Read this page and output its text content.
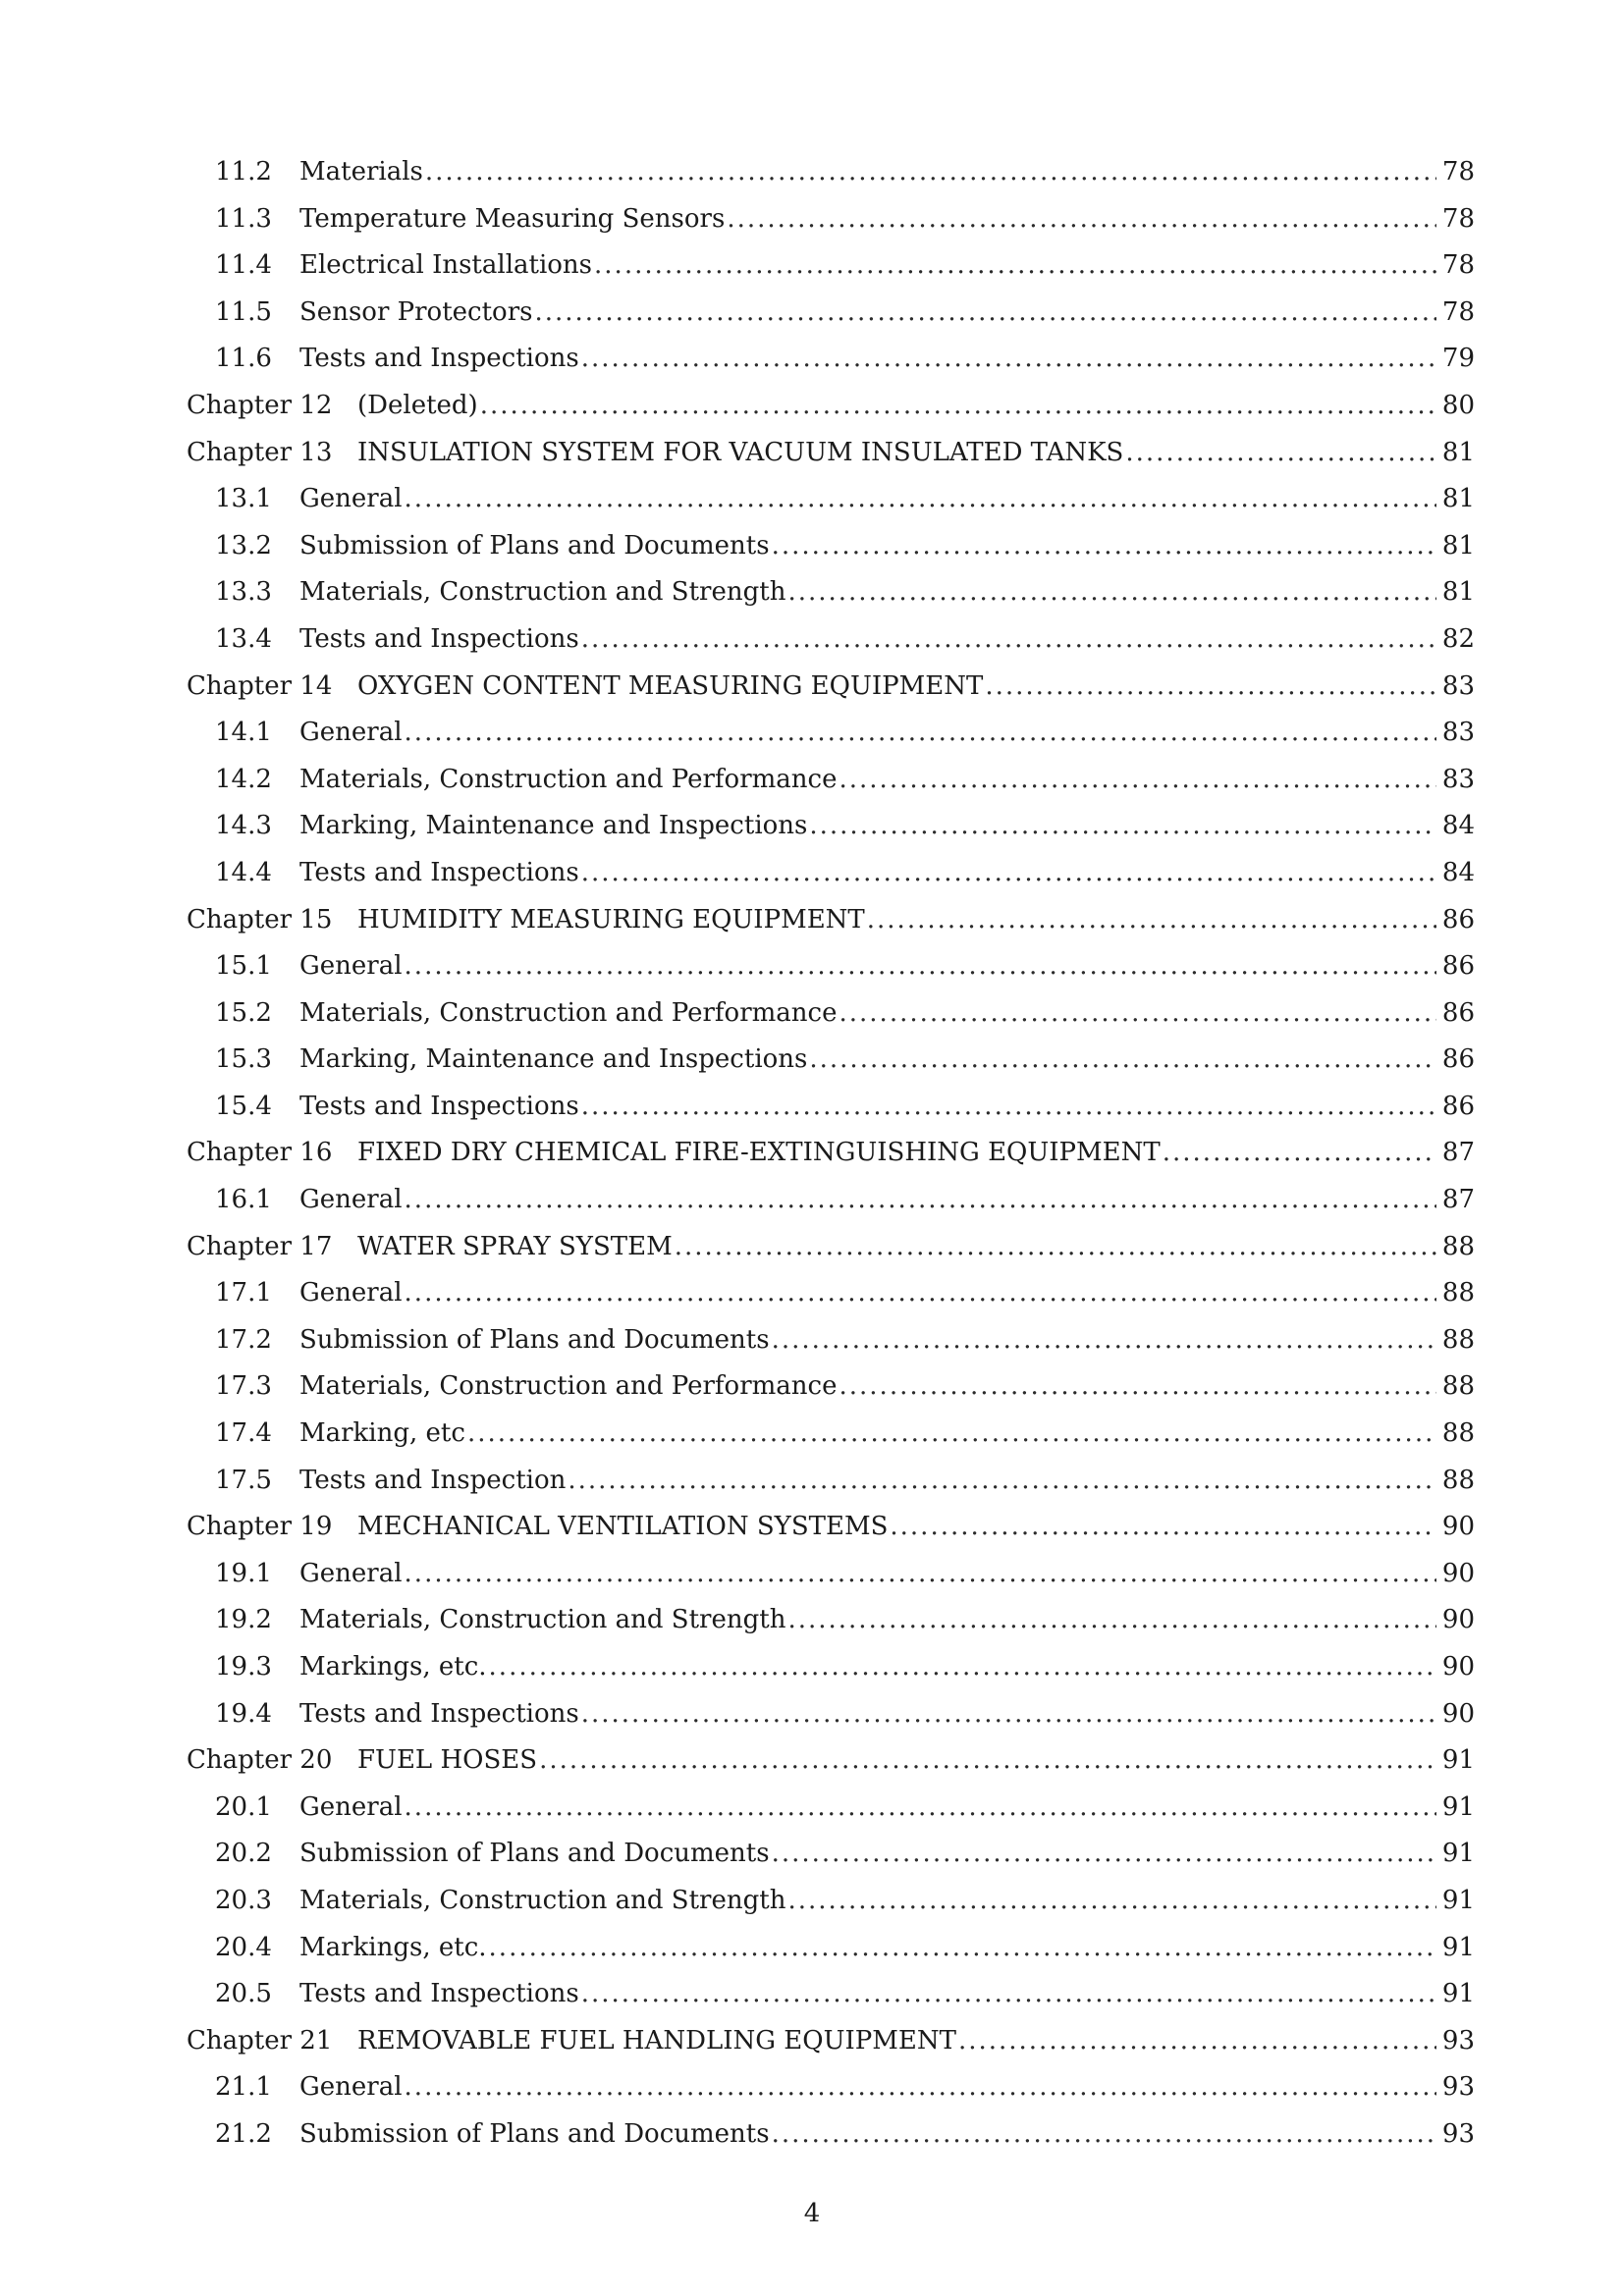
11.2	Materials .....	78
11.3	Temperature Measuring Sensors .....	78
11.4	Electrical Installations .....	78
11.5	Sensor Protectors .....	78
11.6	Tests and Inspections .....	79
Chapter 12 (Deleted) .....	80
Chapter 13 INSULATION SYSTEM FOR VACUUM INSULATED TANKS .....	81
13.1	General .....	81
13.2	Submission of Plans and Documents .....	81
13.3	Materials, Construction and Strength .....	81
13.4	Tests and Inspections .....	82
Chapter 14 OXYGEN CONTENT MEASURING EQUIPMENT .....	83
14.1	General .....	83
14.2	Materials, Construction and Performance .....	83
14.3	Marking, Maintenance and Inspections .....	84
14.4	Tests and Inspections .....	84
Chapter 15 HUMIDITY MEASURING EQUIPMENT .....	86
15.1	General .....	86
15.2	Materials, Construction and Performance .....	86
15.3	Marking, Maintenance and Inspections .....	86
15.4	Tests and Inspections .....	86
Chapter 16 FIXED DRY CHEMICAL FIRE-EXTINGUISHING EQUIPMENT .....	87
16.1	General .....	87
Chapter 17 WATER SPRAY SYSTEM .....	88
17.1	General .....	88
17.2	Submission of Plans and Documents .....	88
17.3	Materials, Construction and Performance .....	88
17.4	Marking, etc .....	88
17.5	Tests and Inspection .....	88
Chapter 19 MECHANICAL VENTILATION SYSTEMS .....	90
19.1	General .....	90
19.2	Materials, Construction and Strength .....	90
19.3	Markings, etc. .....	90
19.4	Tests and Inspections .....	90
Chapter 20 FUEL HOSES .....	91
20.1	General .....	91
20.2	Submission of Plans and Documents .....	91
20.3	Materials, Construction and Strength .....	91
20.4	Markings, etc. .....	91
20.5	Tests and Inspections .....	91
Chapter 21 REMOVABLE FUEL HANDLING EQUIPMENT .....	93
21.1	General .....	93
21.2	Submission of Plans and Documents .....	93
4
